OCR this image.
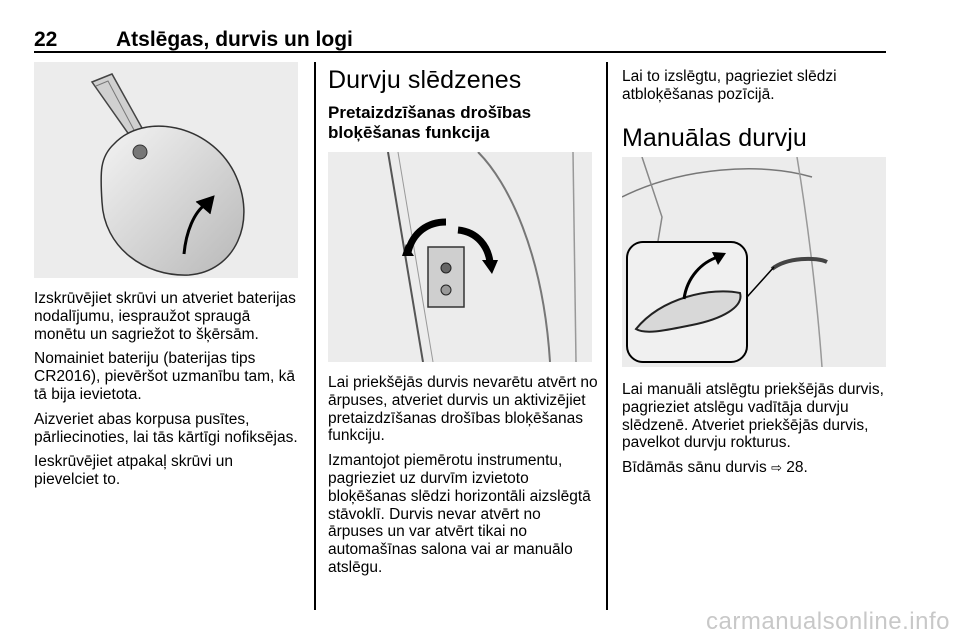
22	Atslēgas, durvis un logi

Izskrūvējiet skrūvi un atveriet baterijas nodalījumu, iespraužot spraugā monētu un sagriežot to šķērsām.

Nomainiet bateriju (baterijas tips CR2016), pievēršot uzmanību tam, kā tā bija ievietota.

Aizveriet abas korpusa pusītes, pārliecinoties, lai tās kārtīgi nofiksējas.

Ieskrūvējiet atpakaļ skrūvi un pievelciet to.

Durvju slēdzenes
Pretaizdzīšanas drošības bloķēšanas funkcija

Lai priekšējās durvis nevarētu atvērt no ārpuses, atveriet durvis un aktivizējiet pretaizdzīšanas drošības bloķēšanas funkciju.

Izmantojot piemērotu instrumentu, pagrieziet uz durvīm izvietoto bloķēšanas slēdzi horizontāli aizslēgtā stāvoklī. Durvis nevar atvērt no ārpuses un var atvērt tikai no automašīnas salona vai ar manuālo atslēgu.

Lai to izslēgtu, pagrieziet slēdzi atbloķēšanas pozīcijā.

Manuālas durvju

Lai manuāli atslēgtu priekšējās durvis, pagrieziet atslēgu vadītāja durvju slēdzenē. Atveriet priekšējās durvis, pavelkot durvju rokturus.

Bīdāmās sānu durvis ⇨ 28.

carmanualsonline.info
